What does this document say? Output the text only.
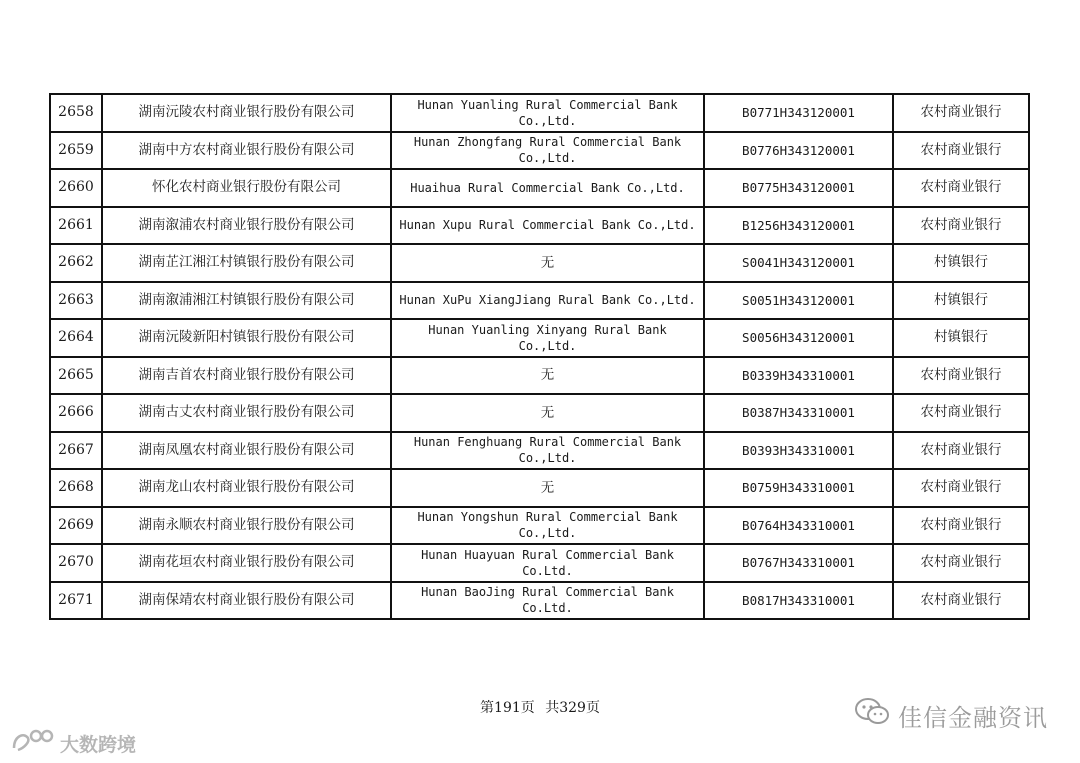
2658	湖南沅陵农村商业银行股份有限公司	Hunan Yuanling Rural Commercial Bank Co.,Ltd.	B0771H343120001	农村商业银行
2659	湖南中方农村商业银行股份有限公司	Hunan Zhongfang Rural Commercial Bank Co.,Ltd.	B0776H343120001	农村商业银行
2660	怀化农村商业银行股份有限公司	Huaihua Rural Commercial Bank Co.,Ltd.	B0775H343120001	农村商业银行
2661	湖南溆浦农村商业银行股份有限公司	Hunan Xupu Rural Commercial Bank Co.,Ltd.	B1256H343120001	农村商业银行
2662	湖南芷江湘江村镇银行股份有限公司	无	S0041H343120001	村镇银行
2663	湖南溆浦湘江村镇银行股份有限公司	Hunan XuPu XiangJiang Rural Bank Co.,Ltd.	S0051H343120001	村镇银行
2664	湖南沅陵新阳村镇银行股份有限公司	Hunan Yuanling Xinyang Rural Bank Co.,Ltd.	S0056H343120001	村镇银行
2665	湖南吉首农村商业银行股份有限公司	无	B0339H343310001	农村商业银行
2666	湖南古丈农村商业银行股份有限公司	无	B0387H343310001	农村商业银行
2667	湖南凤凰农村商业银行股份有限公司	Hunan Fenghuang Rural Commercial Bank Co.,Ltd.	B0393H343310001	农村商业银行
2668	湖南龙山农村商业银行股份有限公司	无	B0759H343310001	农村商业银行
2669	湖南永顺农村商业银行股份有限公司	Hunan Yongshun Rural Commercial Bank Co.,Ltd.	B0764H343310001	农村商业银行
2670	湖南花垣农村商业银行股份有限公司	Hunan Huayuan Rural Commercial Bank Co.Ltd.	B0767H343310001	农村商业银行
2671	湖南保靖农村商业银行股份有限公司	Hunan BaoJing Rural Commercial Bank Co.Ltd.	B0817H343310001	农村商业银行
第191页 共329页	佳信金融资讯
大数跨境
